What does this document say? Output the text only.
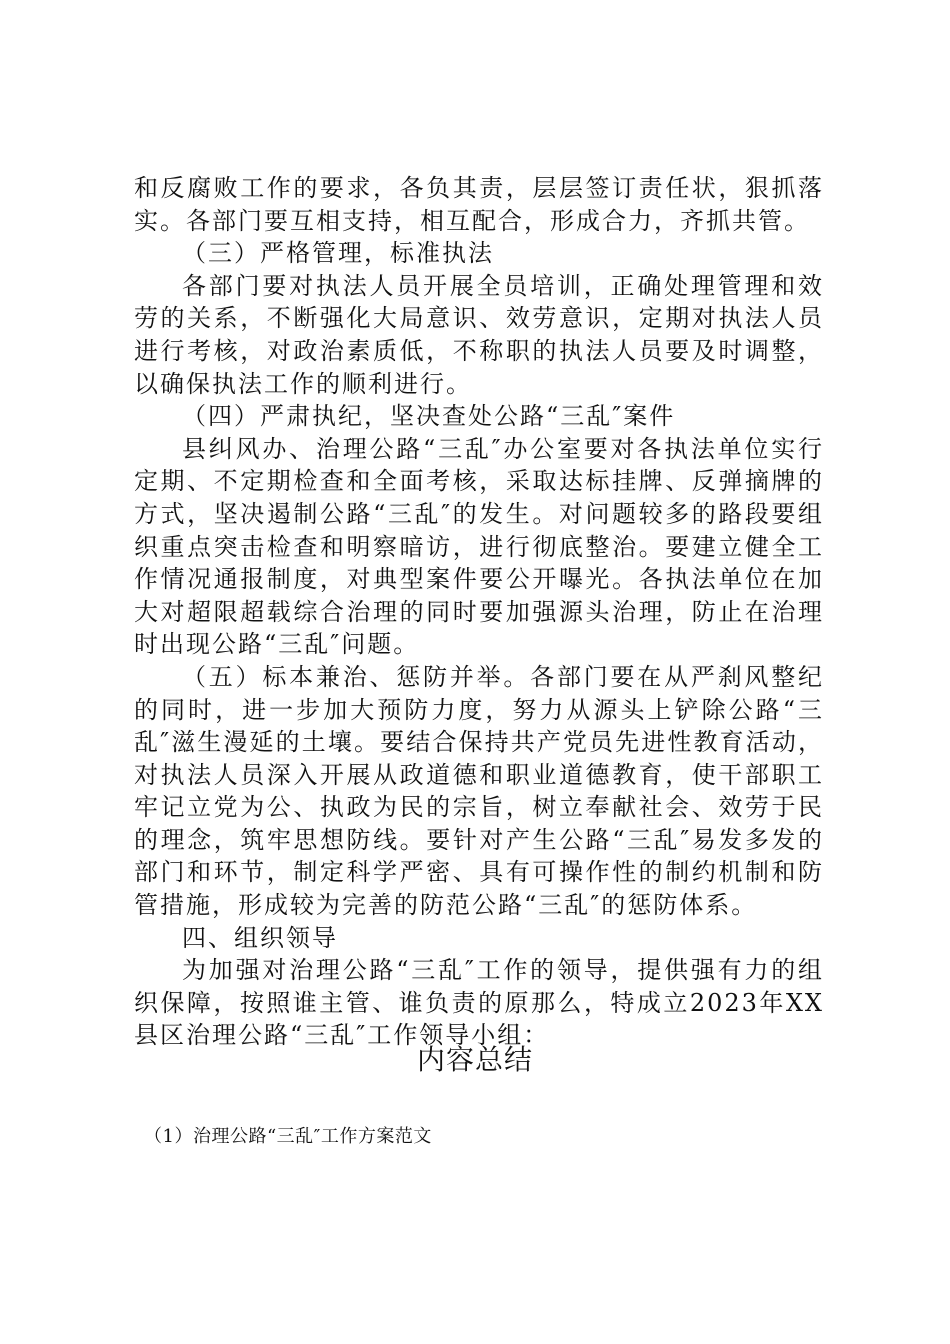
和反腐败工作的要求，各负其责，层层签订责任状，狠抓落实。各部门要互相支持，相互配合，形成合力，齐抓共管。

（三）严格管理，标准执法

各部门要对执法人员开展全员培训，正确处理管理和效劳的关系，不断强化大局意识、效劳意识，定期对执法人员进行考核，对政治素质低，不称职的执法人员要及时调整，以确保执法工作的顺利进行。

（四）严肃执纪，坚决查处公路“三乱″案件

县纠风办、治理公路“三乱″办公室要对各执法单位实行定期、不定期检查和全面考核，采取达标挂牌、反弹摘牌的方式，坚决遏制公路“三乱″的发生。对问题较多的路段要组织重点突击检查和明察暗访，进行彻底整治。要建立健全工作情况通报制度，对典型案件要公开曝光。各执法单位在加大对超限超载综合治理的同时要加强源头治理，防止在治理时出现公路“三乱″问题。

（五）标本兼治、惩防并举。各部门要在从严刹风整纪的同时，进一步加大预防力度，努力从源头上铲除公路“三乱″滋生漫延的土壤。要结合保持共产党员先进性教育活动，对执法人员深入开展从政道德和职业道德教育，使干部职工牢记立党为公、执政为民的宗旨，树立奉献社会、效劳于民的理念，筑牢思想防线。要针对产生公路“三乱″易发多发的部门和环节，制定科学严密、具有可操作性的制约机制和防管措施，形成较为完善的防范公路“三乱″的惩防体系。

四、组织领导

为加强对治理公路“三乱″工作的领导，提供强有力的组织保障，按照谁主管、谁负责的原那么，特成立2023年XX县区治理公路“三乱″工作领导小组：

内容总结
（1）治理公路“三乱″工作方案范文
